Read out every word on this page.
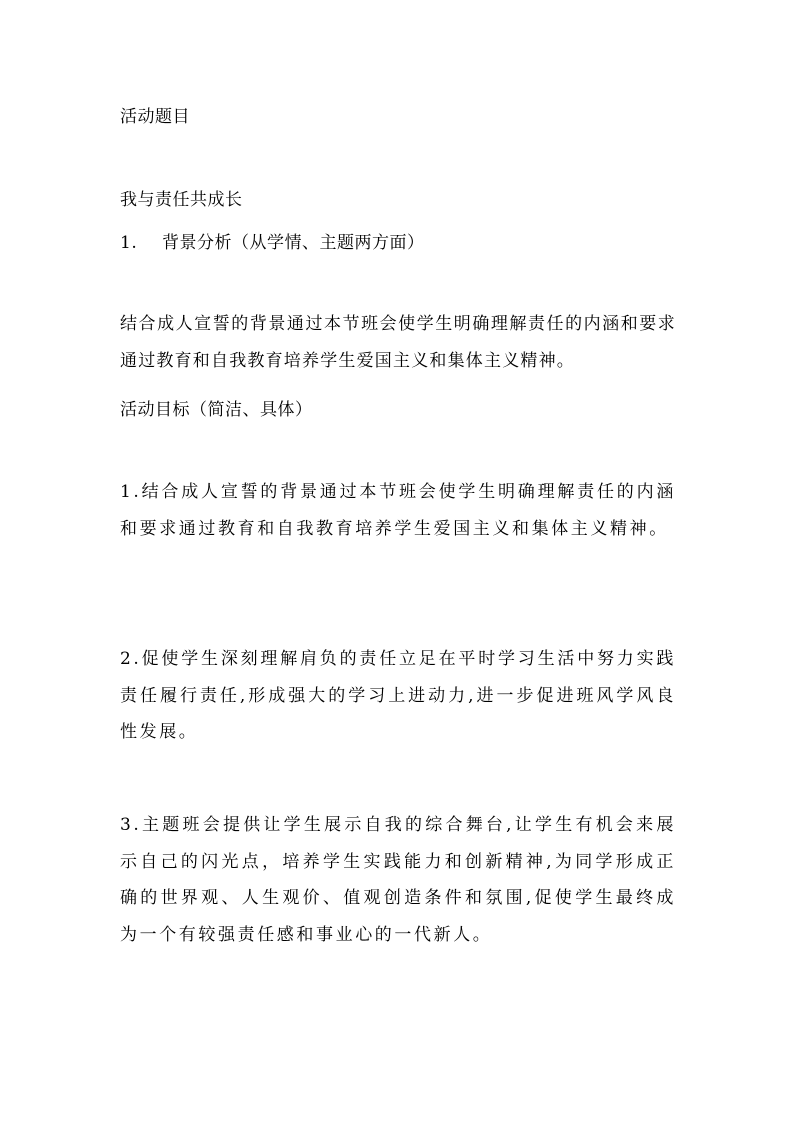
活动题目
我与责任共成长
1. 背景分析（从学情、主题两方面）
结合成人宣誓的背景通过本节班会使学生明确理解责任的内涵和要求通过教育和自我教育培养学生爱国主义和集体主义精神。
活动目标（简洁、具体）
1.结合成人宣誓的背景通过本节班会使学生明确理解责任的内涵和要求通过教育和自我教育培养学生爱国主义和集体主义精神。
2.促使学生深刻理解肩负的责任立足在平时学习生活中努力实践责任履行责任,形成强大的学习上进动力,进一步促进班风学风良性发展。
3.主题班会提供让学生展示自我的综合舞台,让学生有机会来展示自己的闪光点，培养学生实践能力和创新精神,为同学形成正确的世界观、人生观价、值观创造条件和氛围,促使学生最终成为一个有较强责任感和事业心的一代新人。
